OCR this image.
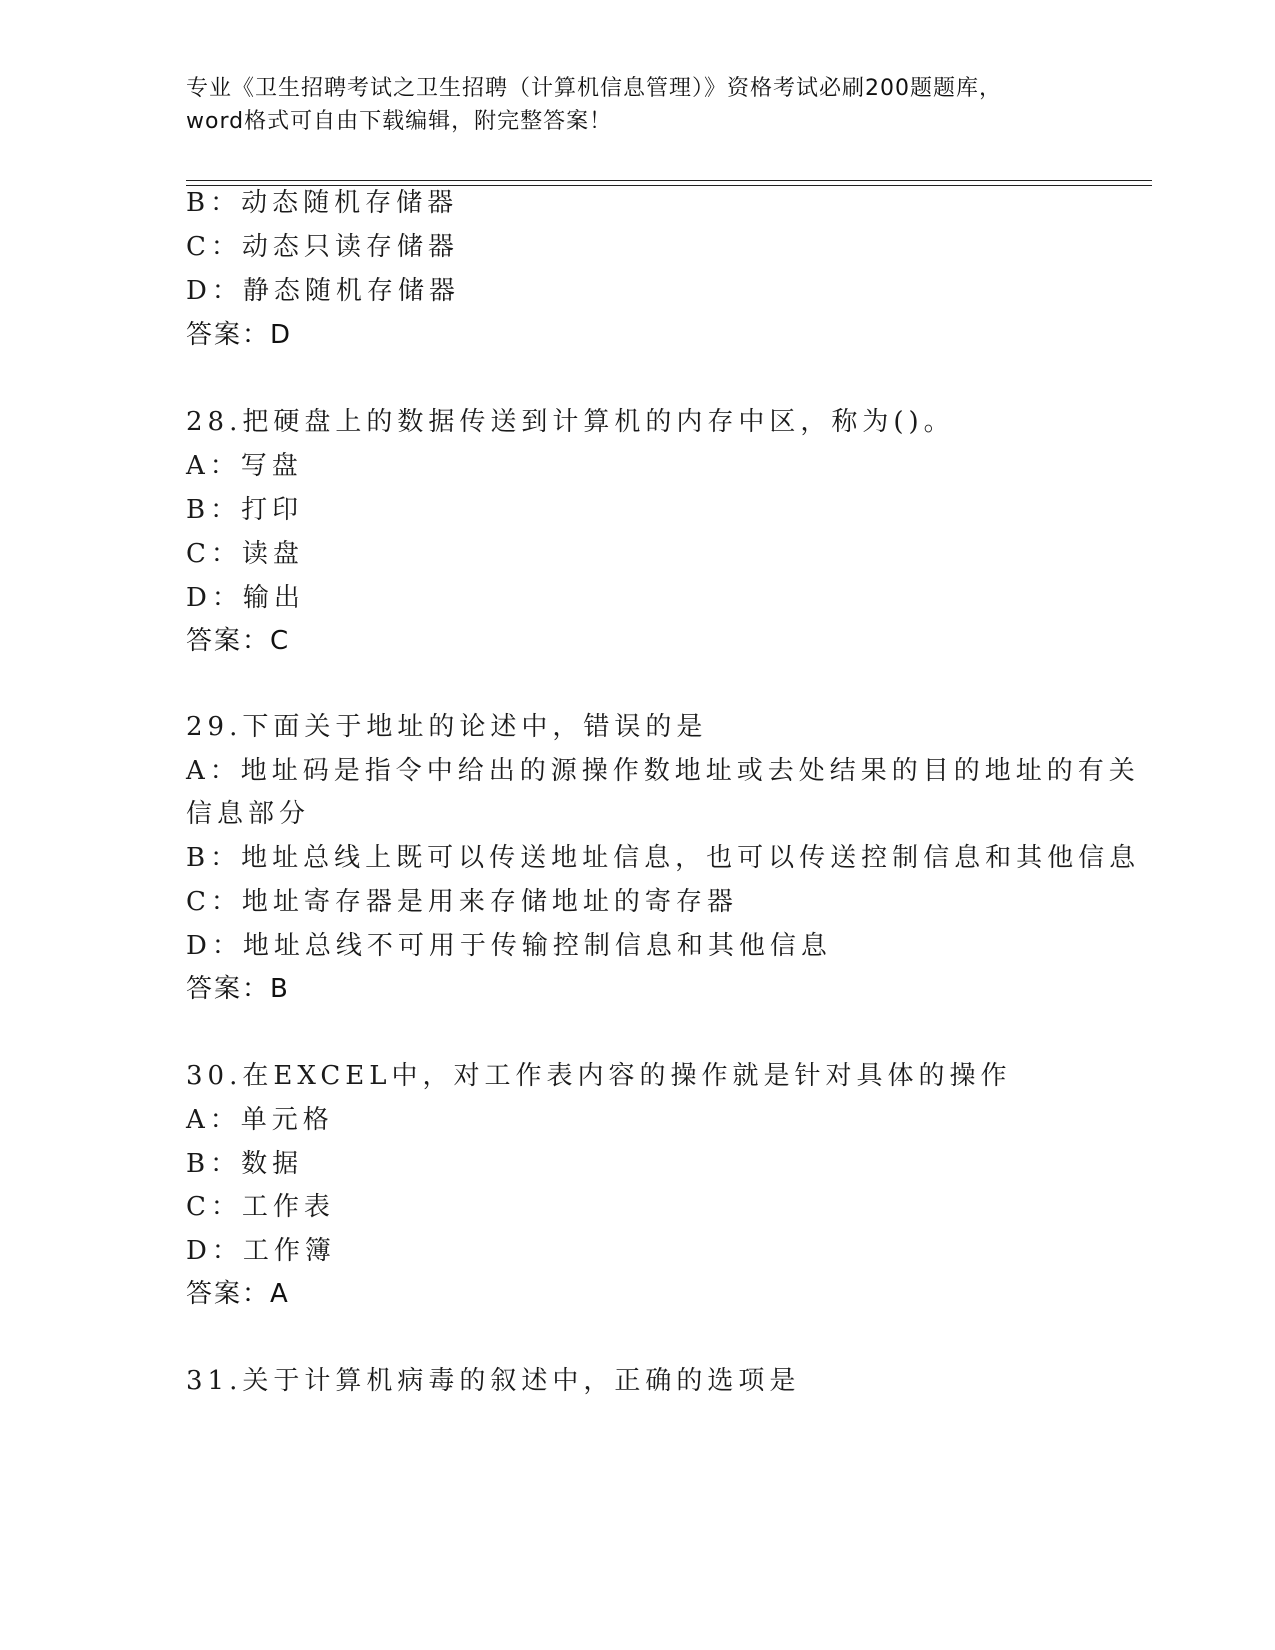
专业《卫生招聘考试之卫生招聘（计算机信息管理）》资格考试必刷200题题库，
word格式可自由下载编辑，附完整答案！
B：动态随机存储器
C：动态只读存储器
D：静态随机存储器
答案：D
28.把硬盘上的数据传送到计算机的内存中区，称为()。
A：写盘
B：打印
C：读盘
D：输出
答案：C
29.下面关于地址的论述中，错误的是
A：地址码是指令中给出的源操作数地址或去处结果的目的地址的有关
信息部分
B：地址总线上既可以传送地址信息，也可以传送控制信息和其他信息
C：地址寄存器是用来存储地址的寄存器
D：地址总线不可用于传输控制信息和其他信息
答案：B
30.在EXCEL中，对工作表内容的操作就是针对具体的操作
A：单元格
B：数据
C：工作表
D：工作簿
答案：A
31.关于计算机病毒的叙述中，正确的选项是
